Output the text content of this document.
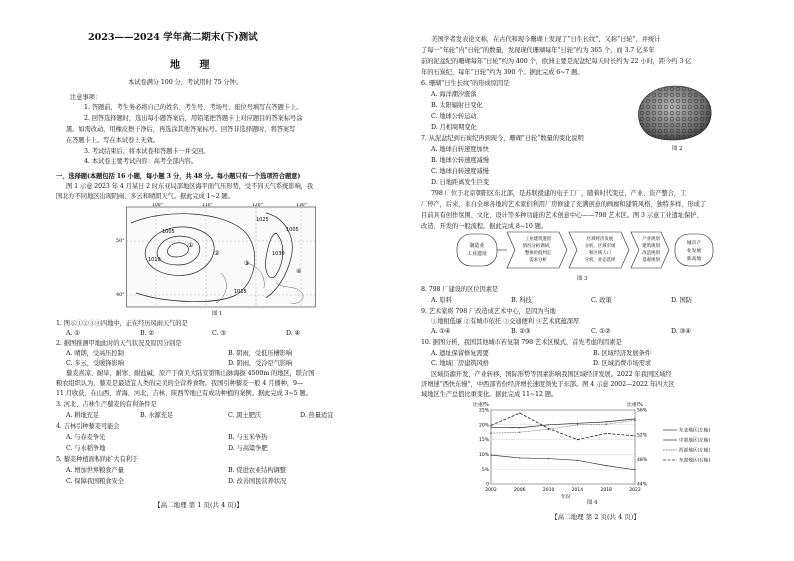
2023——2024 学年高二期末(下)测试
地 理
本试卷满分 100 分，考试用时 75 分钟。
注意事项：
1. 答题前，考生务必将自己的姓名、考生号、考场号、座位号填写在答题卡上。
2. 回答选择题时，选出每小题答案后，用铅笔把答题卡上对应题目的答案标号涂
黑。如需改动，用橡皮擦干净后，再选涂其他答案标号。回答非选择题时，将答案写
在答题卡上。写在本试卷上无效。
3. 考试结束后，将本试卷和答题卡一并交回。
4. 本试卷主要考试内容：高考全部内容。
一、选择题(本题包括 16 小题，每小题 3 分，共 48 分。每小题只有一个选项符合题意)
图 1 示意 2023 年 4 月某日 2 时东亚局部地区海平面气压形势，受不同天气系统影响，我
国北方不同地区出现阴雨、多云和晴朗天气。据此完成 1~2 题。
1005
1010
1015
1025
1030
1005
①
②
③
④
100°	110°	120°	130°
50°
40°
图 1
1. 图示①②③④四地中，正在经历风雨天气的是
A. ①	B. ②	C. ③	D. ④
2. 据图推测甲地此时的天气状况及原因分别是
A. 晴朗，受高压控制	B. 阴雨，受低压槽影响
C. 多云，受暖锋影响	D. 阴雨，受冷空气影响
藜麦喜凉、耐旱、耐寒、耐盐碱，原产于南美大陆安第斯山脉海拔 4500m 的地区，联合国
粮农组织认为，藜麦是最适宜人类的完美的全营养食物。我国引种藜麦一般 4 月播种，9—
11 月收获，在山西、青海、河北、吉林、陕西等地已有成功种植的案例。据此完成 3~5 题。
3. 河北、吉林生产藜麦的有利条件是
A. 耕地充足	B. 水源充足	C. 黑土肥沃	D. 热量适宜
4. 吉林引种藜麦可能会
A. 与春麦争光	B. 与玉米争热
C. 与水稻争地	D. 与高粱争肥
5. 藜麦种植面积的扩大有利于
A. 增加世界粮食产量	B. 促进农业结构调整
C. 保障我国粮食安全	D. 改善国民营养状况
【高二地理 第 1 页(共 4 页)】
美国学者发表论文称，在古代和现今珊瑚上发现了“日生长纹”，又称“日轮”，并统计
了每一“年轮”内“日轮”的数量，发现现代珊瑚每年“日轮”约为 365 个，而 3.7 亿多年
前的泥盆纪的珊瑚每年“日轮”约为 400 个，欧洲主要是泥盆纪每天时长约为 22 小时，距今约 3 亿
年的石炭纪，每年“日轮”约为 390 个。据此完成 6~7 题。
6. 珊瑚“日生长纹”的形成原因是
A. 海洋潮汐涨落
B. 太阳辐射日变化
C. 地球公转运动
D. 月相周期变化
7. 从泥盆纪到石炭纪再到现今，珊瑚“日轮”数量的变化说明
A. 地球自转速度加快
B. 地球公转速度减慢
C. 地球自转速度减慢
D. 日地距离发生巨变
图 2
798 厂位于北京朝阳区东北部，是苏联援建的电子工厂，随着时代变迁，产业、资产整合，工
厂停产，后来，来自全球各地的艺术家们利用厂房修建了充满创意的画廊和建筑风格，独特多样，形成了
目前具有创作氛围、文化、设计等多种功能的艺术创意中心——798 艺术区。图 3 示意工业遗址保护、
改造、开发的一般流程。据此完成 8~10 题。
制造业
工业遗址
工业建筑遗留
情况分析调研，
整体价值判定
需求分析
区域经济发展
分析，区域市场
和区域人口
分析，业态选择
产业规划
建筑规划
改造规划
景观规划
城市产
业发展
新高地
图 3
8. 798 厂建设的区位因素是
A. 原料	B. 科技	C. 政策	D. 国防
9. 艺术家将 798 厂改造成艺术中心，是因为当地
①地租低廉 ②有城市依托 ③交通便利 ④艺术底蕴深厚
A. ①④	B. ②③	C. ①②	D. ③④
10. 据图分析，我国其他城市若复制 798 艺术区模式，首先考虑的因素是
A. 遗址保留修复需要	B. 区域经济发展条件
C. 地域厂房建筑风格	D. 区域消费市场需求
区域资源开发、产业转移、国际形势等因素影响我国区域经济发展。2022 年我国区域经
济增速“西快东慢”，中西部省份经济增长速度领先于东部。图 4 示意 2002—2022 年四大区
域地区生产总值比重变化。据此完成 11~12 题。
比重/%	比重/%
年份
0
5%
10%
15%
20%
25%
44%
48%
52%
56%
2002	2006	2010	2014	2018	2022
东北地区(左轴)
中部地区(左轴)
西部地区(左轴)
东部地区(右轴)
图 4
【高二地理 第 2 页(共 4 页)】
